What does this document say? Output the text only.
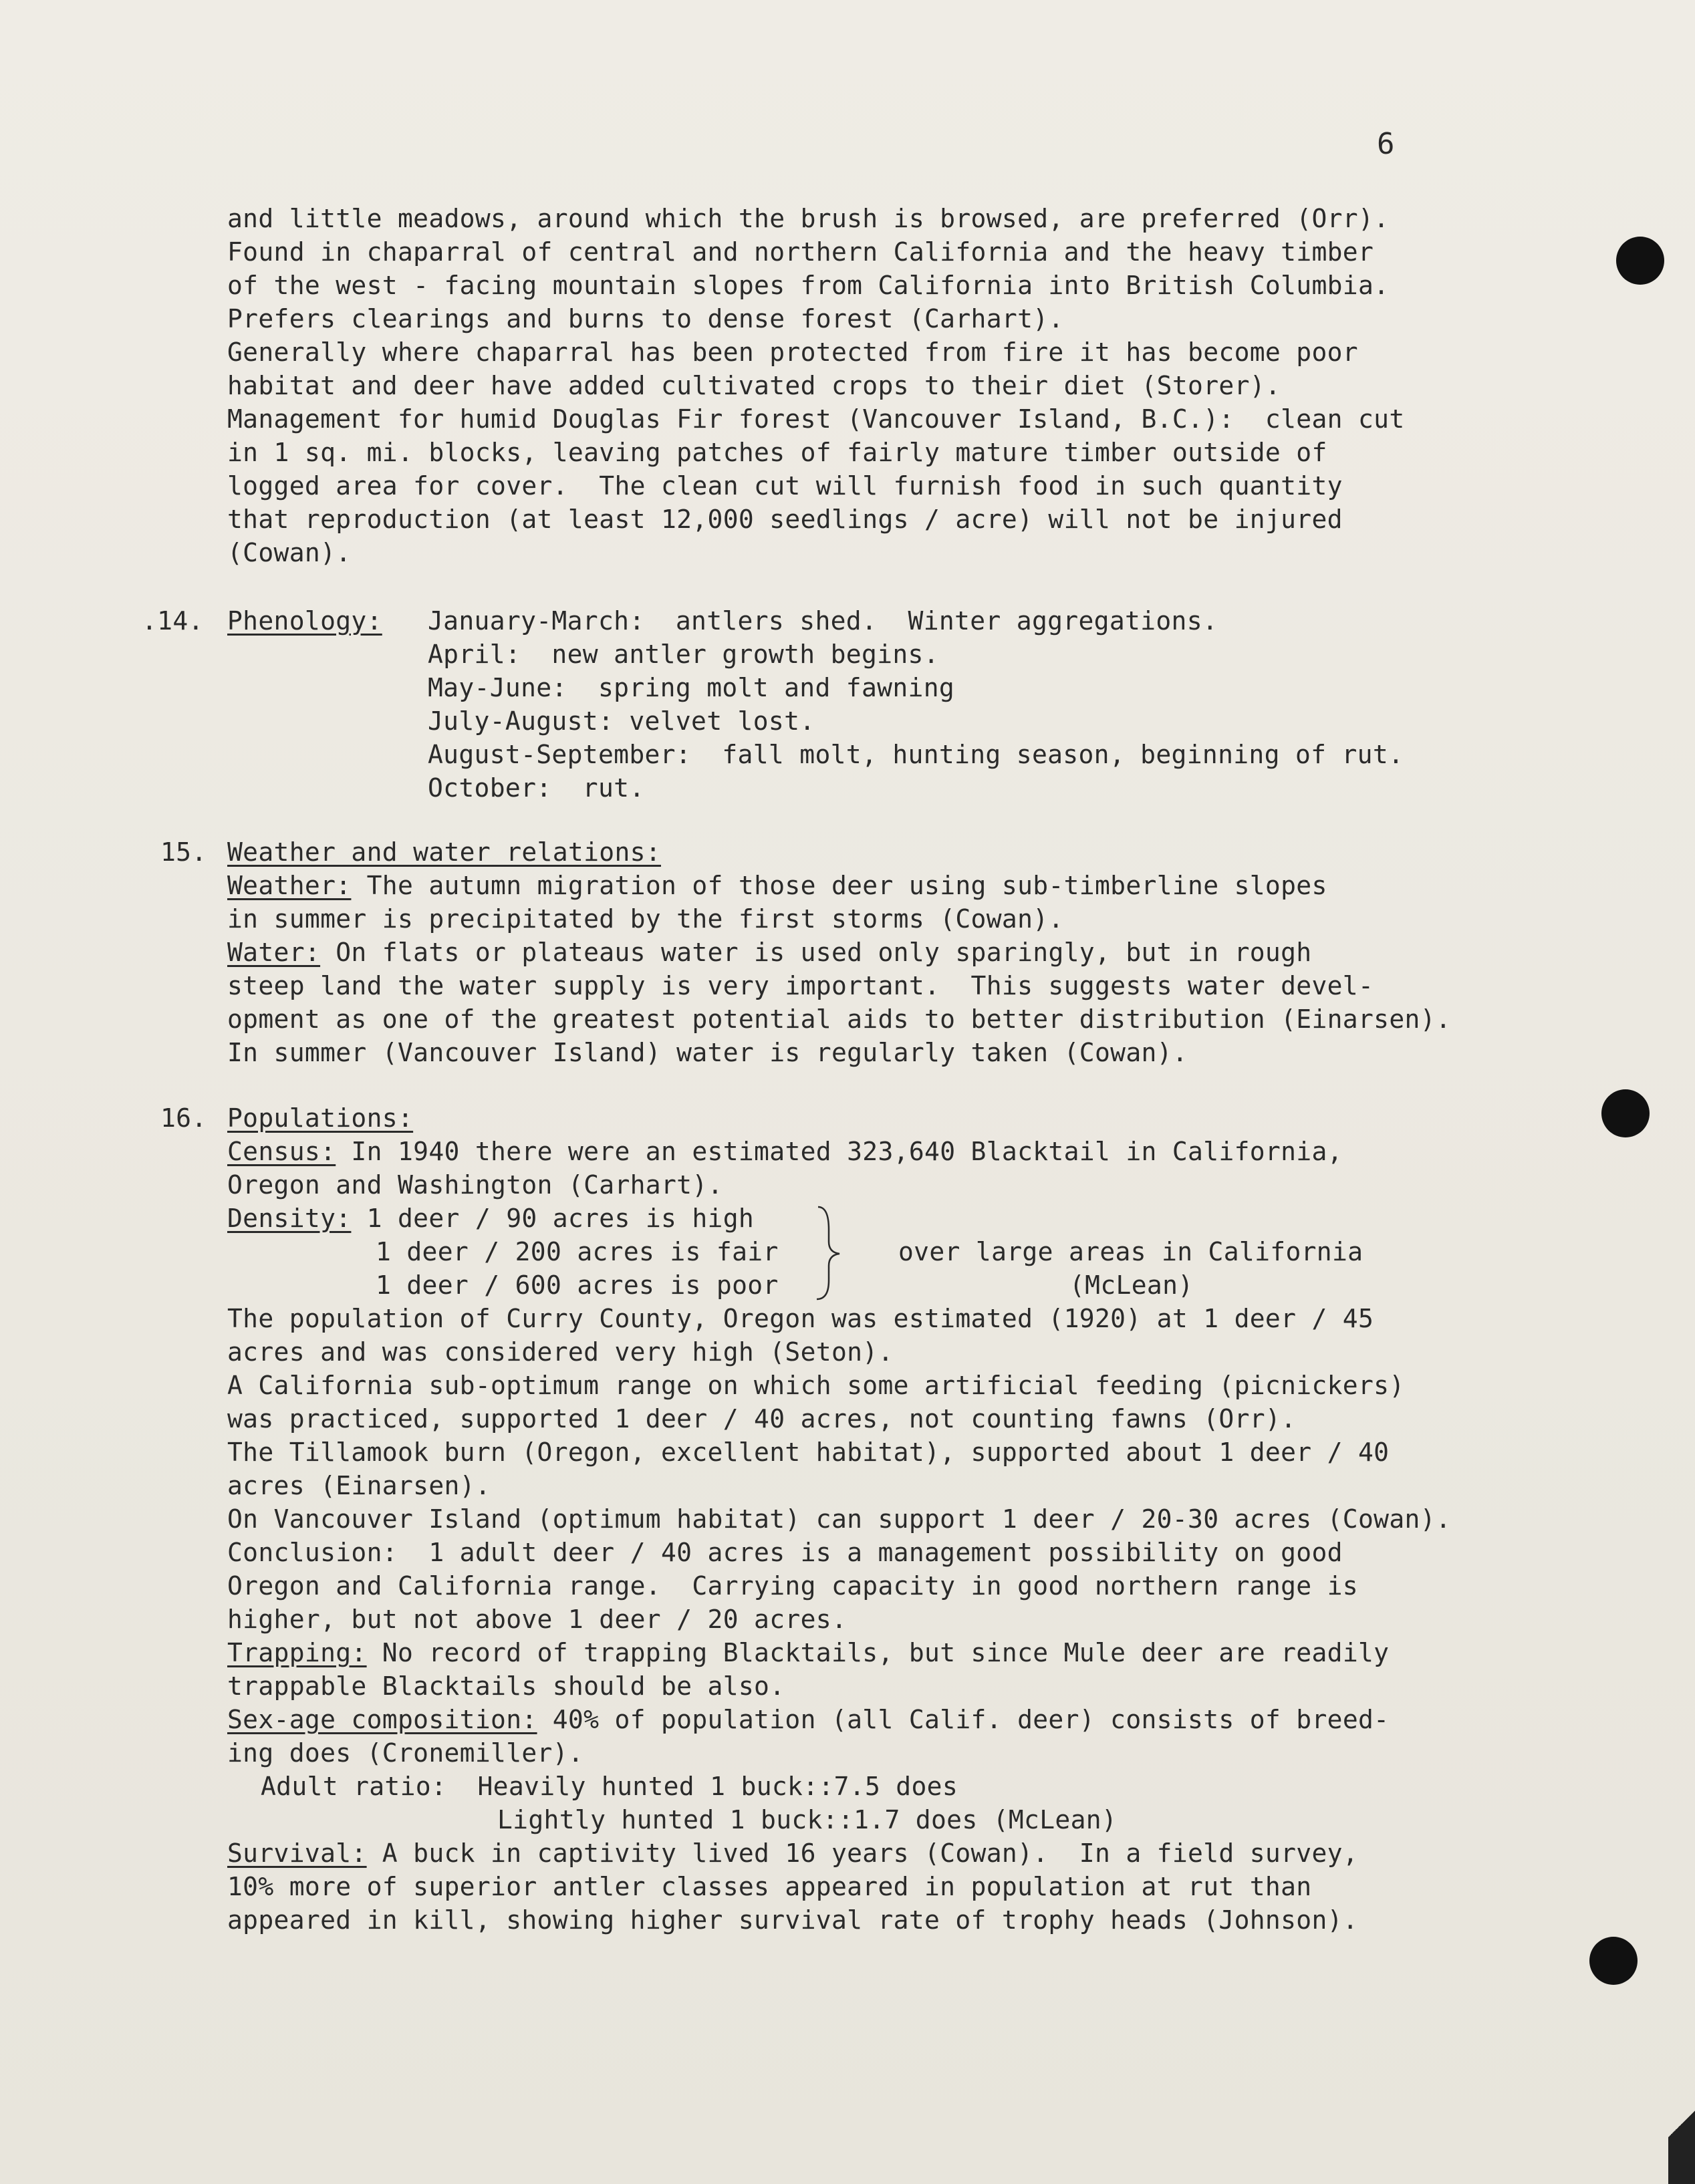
6
and little meadows, around which the brush is browsed, are preferred (Orr).
Found in chaparral of central and northern California and the heavy timber
of the west - facing mountain slopes from California into British Columbia.
Prefers clearings and burns to dense forest (Carhart).
Generally where chaparral has been protected from fire it has become poor
habitat and deer have added cultivated crops to their diet (Storer).
Management for humid Douglas Fir forest (Vancouver Island, B.C.):  clean cut
in 1 sq. mi. blocks, leaving patches of fairly mature timber outside of
logged area for cover.  The clean cut will furnish food in such quantity
that reproduction (at least 12,000 seedlings / acre) will not be injured
(Cowan).
.14. Phenology: January-March:  antlers shed.  Winter aggregations.
April:  new antler growth begins.
May-June:  spring molt and fawning
July-August: velvet lost.
August-September:  fall molt, hunting season, beginning of rut.
October:  rut.
15. Weather and water relations:
Weather: The autumn migration of those deer using sub-timberline slopes
in summer is precipitated by the first storms (Cowan).
Water: On flats or plateaus water is used only sparingly, but in rough
steep land the water supply is very important.  This suggests water devel-
opment as one of the greatest potential aids to better distribution (Einarsen).
In summer (Vancouver Island) water is regularly taken (Cowan).
16. Populations:
Census: In 1940 there were an estimated 323,640 Blacktail in California,
Oregon and Washington (Carhart).
Density: 1 deer / 90 acres is high
1 deer / 200 acres is fair
1 deer / 600 acres is poor
over large areas in California
(McLean)
The population of Curry County, Oregon was estimated (1920) at 1 deer / 45
acres and was considered very high (Seton).
A California sub-optimum range on which some artificial feeding (picnickers)
was practiced, supported 1 deer / 40 acres, not counting fawns (Orr).
The Tillamook burn (Oregon, excellent habitat), supported about 1 deer / 40
acres (Einarsen).
On Vancouver Island (optimum habitat) can support 1 deer / 20-30 acres (Cowan).
Conclusion:  1 adult deer / 40 acres is a management possibility on good
Oregon and California range.  Carrying capacity in good northern range is
higher, but not above 1 deer / 20 acres.
Trapping: No record of trapping Blacktails, but since Mule deer are readily
trappable Blacktails should be also.
Sex-age composition: 40% of population (all Calif. deer) consists of breed-
ing does (Cronemiller).
Adult ratio:  Heavily hunted 1 buck::7.5 does
Lightly hunted 1 buck::1.7 does (McLean)
Survival: A buck in captivity lived 16 years (Cowan).  In a field survey,
10% more of superior antler classes appeared in population at rut than
appeared in kill, showing higher survival rate of trophy heads (Johnson).
